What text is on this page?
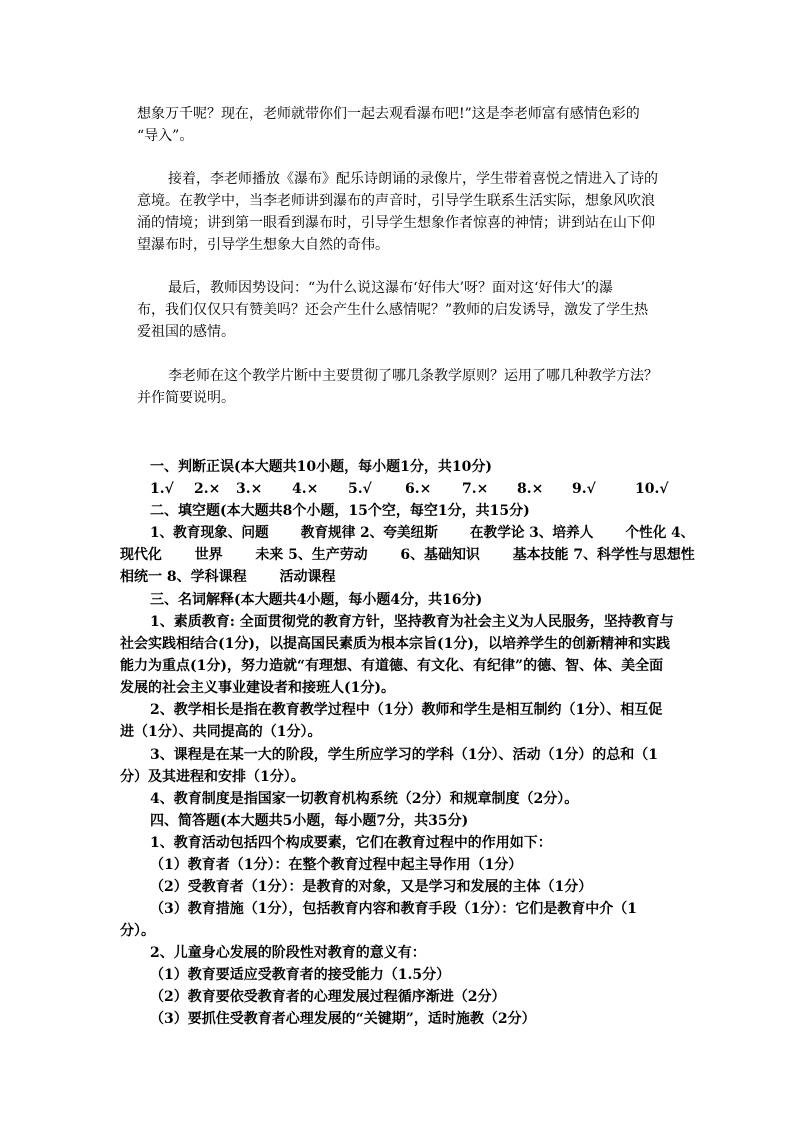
想象万千呢？现在，老师就带你们一起去观看瀑布吧!”这是李老师富有感情色彩的
“导入”。
接着，李老师播放《瀑布》配乐诗朗诵的录像片，学生带着喜悦之情进入了诗的
意境。在教学中，当李老师讲到瀑布的声音时，引导学生联系生活实际，想象风吹浪
涌的情境；讲到第一眼看到瀑布时，引导学生想象作者惊喜的神情；讲到站在山下仰
望瀑布时，引导学生想象大自然的奇伟。
最后，教师因势设问：“为什么说这瀑布‘好伟大’呀？面对这‘好伟大’的瀑
布，我们仅仅只有赞美吗？还会产生什么感情呢？”教师的启发诱导，激发了学生热
爱祖国的感情。
李老师在这个教学片断中主要贯彻了哪几条教学原则？运用了哪几种教学方法？
并作简要说明。
一、判断正误(本大题共10小题，每小题1分，共10分)
1.√ 2.× 3.× 4.× 5.√ 6.× 7.× 8.× 9.√	10.√
二、填空题(本大题共8个小题，15个空，每空1分，共15分)
1、教育现象、问题　　 教育规律 2、夸美纽斯　　 在教学论 3、培养人　　 个性化 4、
现代化　　 世界　　 未来 5、生产劳动　　 6、基础知识　　 基本技能 7、科学性与思想性
相统一 8、学科课程　　 活动课程
三、名词解释(本大题共4小题，每小题4分，共16分)
1、素质教育: 全面贯彻党的教育方针，坚持教育为社会主义为人民服务，坚持教育与
社会实践相结合(1分)，以提高国民素质为根本宗旨(1分)，以培养学生的创新精神和实践
能力为重点(1分)，努力造就“有理想、有道德、有文化、有纪律”的德、智、体、美全面
发展的社会主义事业建设者和接班人(1分)。
2、教学相长是指在教育教学过程中（1分）教师和学生是相互制约（1分）、相互促
进（1分）、共同提高的（1分）。
3、课程是在某一大的阶段，学生所应学习的学科（1分）、活动（1分）的总和（1
分）及其进程和安排（1分）。
4、教育制度是指国家一切教育机构系统（2分）和规章制度（2分）。
四、简答题(本大题共5小题，每小题7分，共35分)
1、教育活动包括四个构成要素，它们在教育过程中的作用如下：
（1）教育者（1分）：在整个教育过程中起主导作用（1分）
（2）受教育者（1分）：是教育的对象，又是学习和发展的主体（1分）
（3）教育措施（1分），包括教育内容和教育手段（1分）：它们是教育中介（1
分）。
2、儿童身心发展的阶段性对教育的意义有：
（1）教育要适应受教育者的接受能力（1.5分）
（2）教育要依受教育者的心理发展过程循序渐进（2分）
（3）要抓住受教育者心理发展的“关键期”，适时施教（2分）
